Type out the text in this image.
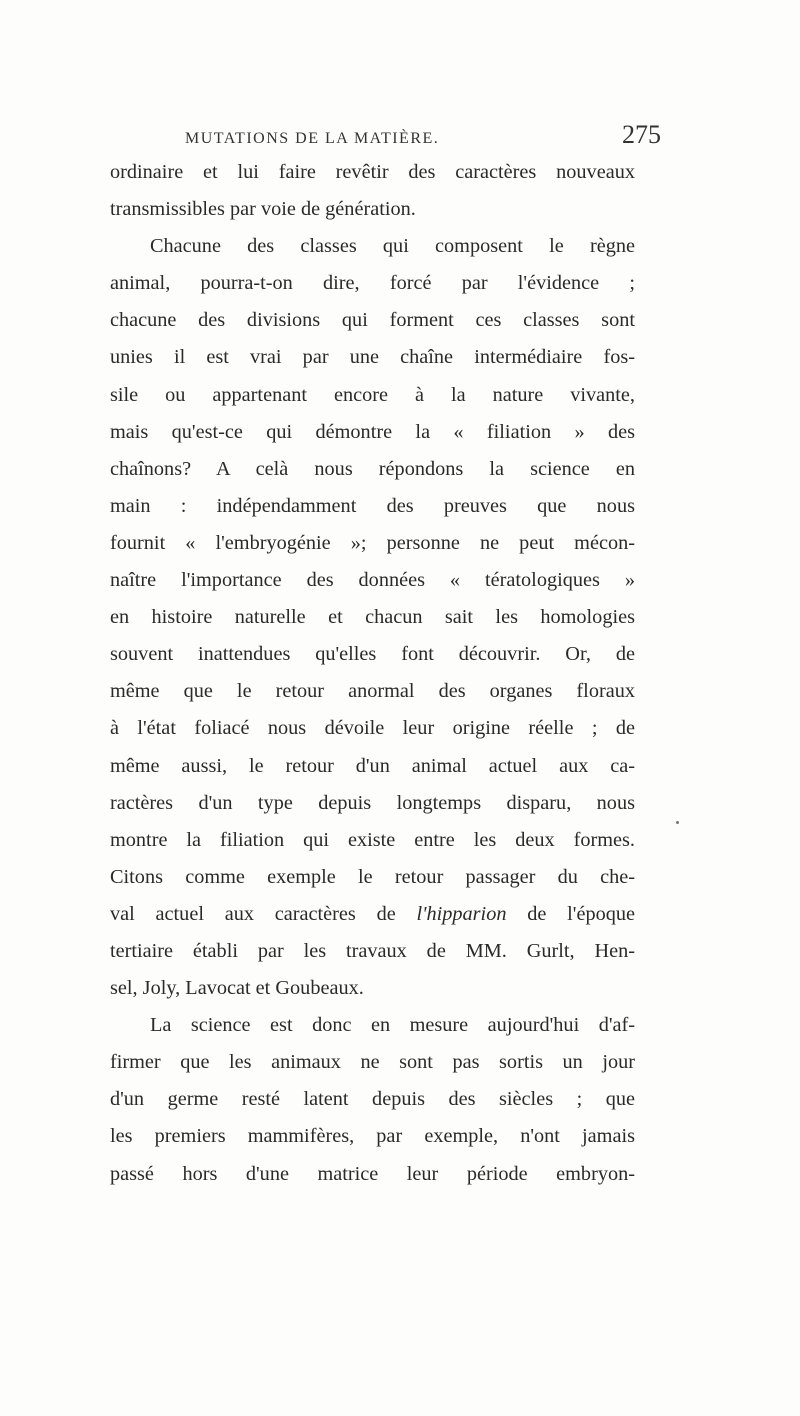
MUTATIONS DE LA MATIÈRE.	275
ordinaire et lui faire revêtir des caractères nouveaux
transmissibles par voie de génération.
Chacune des classes qui composent le règne
animal, pourra-t-on dire, forcé par l'évidence ;
chacune des divisions qui forment ces classes sont
unies il est vrai par une chaîne intermédiaire fos-
sile ou appartenant encore à la nature vivante,
mais qu'est-ce qui démontre la « filiation » des
chaînons? A celà nous répondons la science en
main : indépendamment des preuves que nous
fournit « l'embryogénie »; personne ne peut mécon-
naître l'importance des données « tératologiques »
en histoire naturelle et chacun sait les homologies
souvent inattendues qu'elles font découvrir. Or, de
même que le retour anormal des organes floraux
à l'état foliacé nous dévoile leur origine réelle ; de
même aussi, le retour d'un animal actuel aux ca-
ractères d'un type depuis longtemps disparu, nous
montre la filiation qui existe entre les deux formes.
Citons comme exemple le retour passager du che-
val actuel aux caractères de l'hipparion de l'époque
tertiaire établi par les travaux de MM. Gurlt, Hen-
sel, Joly, Lavocat et Goubeaux.
La science est donc en mesure aujourd'hui d'af-
firmer que les animaux ne sont pas sortis un jour
d'un germe resté latent depuis des siècles ; que
les premiers mammifères, par exemple, n'ont jamais
passé hors d'une matrice leur période embryon-
